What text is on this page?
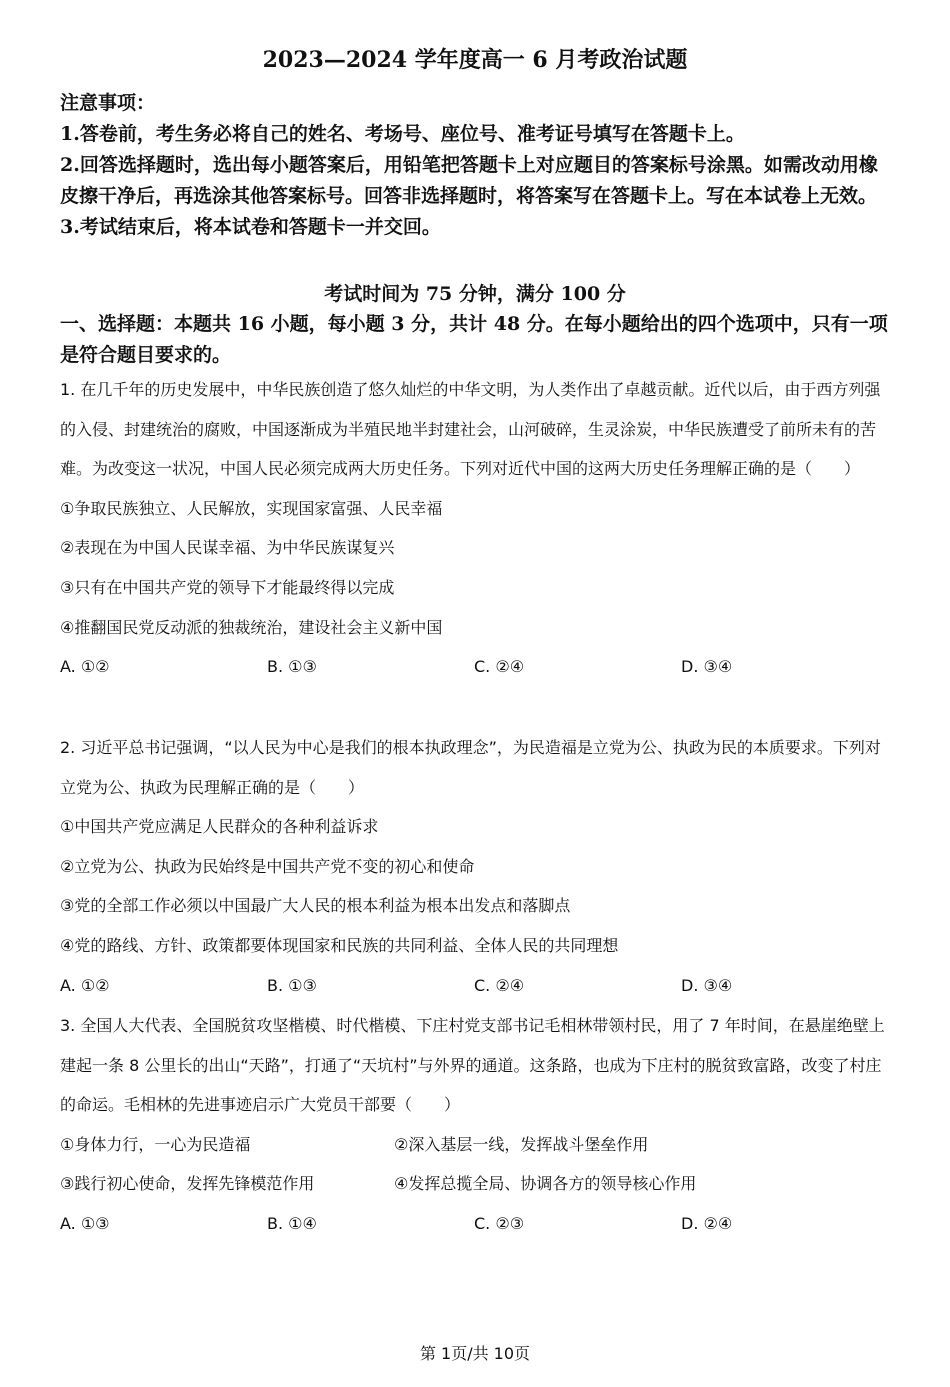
2023—2024 学年度高一 6 月考政治试题

注意事项：

1.答卷前，考生务必将自己的姓名、考场号、座位号、准考证号填写在答题卡上。

2.回答选择题时，选出每小题答案后，用铅笔把答题卡上对应题目的答案标号涂黑。如需改动用橡皮擦干净后，再选涂其他答案标号。回答非选择题时，将答案写在答题卡上。写在本试卷上无效。

3.考试结束后，将本试卷和答题卡一并交回。

考试时间为 75 分钟，满分 100 分

一、选择题：本题共 16 小题，每小题 3 分，共计 48 分。在每小题给出的四个选项中，只有一项是符合题目要求的。

1. 在几千年的历史发展中，中华民族创造了悠久灿烂的中华文明，为人类作出了卓越贡献。近代以后，由于西方列强的入侵、封建统治的腐败，中国逐渐成为半殖民地半封建社会，山河破碎，生灵涂炭，中华民族遭受了前所未有的苦难。为改变这一状况，中国人民必须完成两大历史任务。下列对近代中国的这两大历史任务理解正确的是（　　）

①争取民族独立、人民解放，实现国家富强、人民幸福

②表现在为中国人民谋幸福、为中华民族谋复兴

③只有在中国共产党的领导下才能最终得以完成

④推翻国民党反动派的独裁统治，建设社会主义新中国

A. ①②	B. ①③	C. ②④	D. ③④

2. 习近平总书记强调，“以人民为中心是我们的根本执政理念”，为民造福是立党为公、执政为民的本质要求。下列对立党为公、执政为民理解正确的是（　　）

①中国共产党应满足人民群众的各种利益诉求

②立党为公、执政为民始终是中国共产党不变的初心和使命

③党的全部工作必须以中国最广大人民的根本利益为根本出发点和落脚点

④党的路线、方针、政策都要体现国家和民族的共同利益、全体人民的共同理想

A. ①②	B. ①③	C. ②④	D. ③④

3. 全国人大代表、全国脱贫攻坚楷模、时代楷模、下庄村党支部书记毛相林带领村民，用了 7 年时间，在悬崖绝壁上建起一条 8 公里长的出山“天路”，打通了“天坑村”与外界的通道。这条路，也成为下庄村的脱贫致富路，改变了村庄的命运。毛相林的先进事迹启示广大党员干部要（　　）

①身体力行，一心为民造福	②深入基层一线，发挥战斗堡垒作用
③践行初心使命，发挥先锋模范作用	④发挥总揽全局、协调各方的领导核心作用
A. ①③	B. ①④	C. ②③	D. ②④
第 1页/共 10页
